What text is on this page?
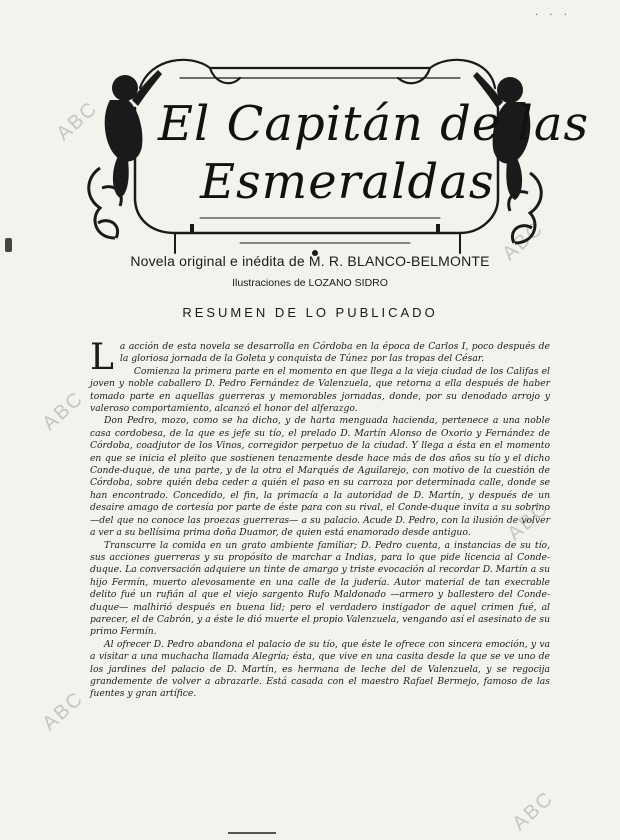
ABC
ABC
ABC
ABC
ABC
ABC
· · ·
El Capitán de las
Esmeraldas
Novela original e inédita de M. R. BLANCO-BELMONTE
Ilustraciones de LOZANO SIDRO
RESUMEN DE LO PUBLICADO

La acción de esta novela se desarrolla en Córdoba en la época de Carlos I, poco después de la gloriosa jornada de la Goleta y conquista de Túnez por las tropas del César.

Comienza la primera parte en el momento en que llega a la vieja ciudad de los Califas el joven y noble caballero D. Pedro Fernández de Valenzuela, que retorna a ella después de haber tomado parte en aquellas guerreras y memorables jornadas, donde, por su denodado arrojo y valeroso comportamiento, alcanzó el honor del alferazgo.

Don Pedro, mozo, como se ha dicho, y de harta menguada hacienda, pertenece a una noble casa cordobesa, de la que es jefe su tío, el prelado D. Martín Alonso de Oxorio y Fernández de Córdoba, coadjutor de los Vinos, corregidor perpetuo de la ciudad. Y llega a ésta en el momento en que se inicia el pleito que sostienen tenazmente desde hace más de dos años su tío y el dicho Conde-duque, de una parte, y de la otra el Marqués de Aguilarejo, con motivo de la cuestión de Córdoba, sobre quién deba ceder a quién el paso en su carroza por determinada calle, donde se han encontrado. Concedido, el fin, la primacía a la autoridad de D. Martín, y después de un desaire amago de cortesía por parte de éste para con su rival, el Conde-duque invita a su sobrino —del que no conoce las proezas guerreras— a su palacio. Acude D. Pedro, con la ilusión de volver a ver a su bellísima prima doña Duamor, de quien está enamorado desde antiguo.

Transcurre la comida en un grato ambiente familiar; D. Pedro cuenta, a instancias de su tío, sus acciones guerreras y su propósito de marchar a Indias, para lo que pide licencia al Conde-duque. La conversación adquiere un tinte de amargo y triste evocación al recordar D. Martín a su hijo Fermín, muerto alevosamente en una calle de la judería. Autor material de tan execrable delito fué un rufián al que el viejo sargento Rufo Maldonado —armero y ballestero del Conde-duque— malhirió después en buena lid; pero el verdadero instigador de aquel crimen fué, al parecer, el de Cabrón, y a éste le dió muerte el propio Valenzuela, vengando así el asesinato de su primo Fermín.

Al ofrecer D. Pedro abandona el palacio de su tío, que éste le ofrece con sincera emoción, y va a visitar a una muchacha llamada Alegría; ésta, que vive en una casita desde la que se ve uno de los jardines del palacio de D. Martín, es hermana de leche del de Valenzuela, y se regocija grandemente de volver a abrazarle. Está casada con el maestro Rafael Bermejo, famoso de las fuentes y gran artífice.
